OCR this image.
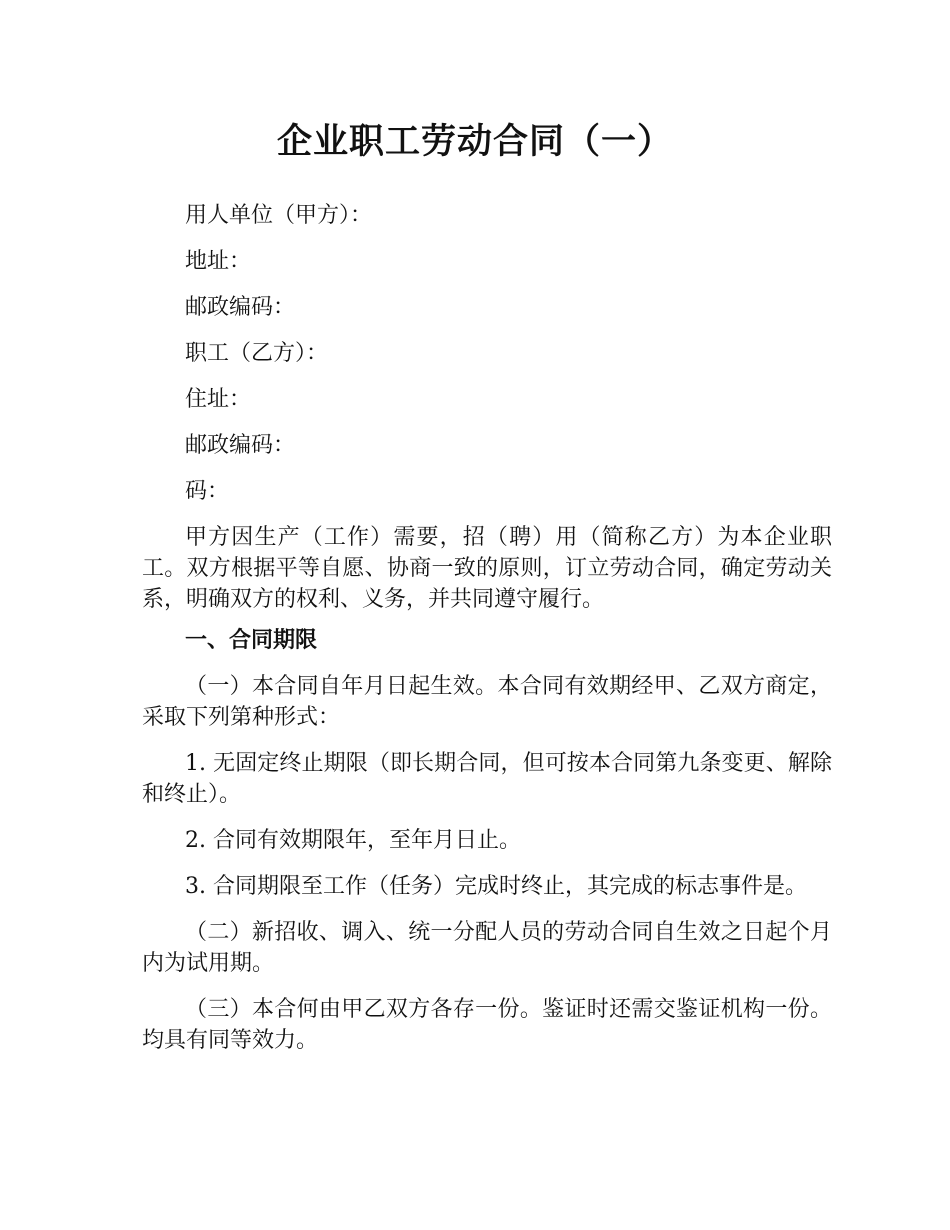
企业职工劳动合同（一）

用人单位（甲方）：

地址：

邮政编码：

职工（乙方）：

住址：

邮政编码：

码：

甲方因生产（工作）需要，招（聘）用（简称乙方）为本企业职工。双方根据平等自愿、协商一致的原则，订立劳动合同，确定劳动关系，明确双方的权利、义务，并共同遵守履行。

一、合同期限

（一）本合同自年月日起生效。本合同有效期经甲、乙双方商定，采取下列第种形式：

1. 无固定终止期限（即长期合同，但可按本合同第九条变更、解除和终止）。

2. 合同有效期限年，至年月日止。

3. 合同期限至工作（任务）完成时终止，其完成的标志事件是。

（二）新招收、调入、统一分配人员的劳动合同自生效之日起个月内为试用期。

（三）本合何由甲乙双方各存一份。鉴证时还需交鉴证机构一份。均具有同等效力。
